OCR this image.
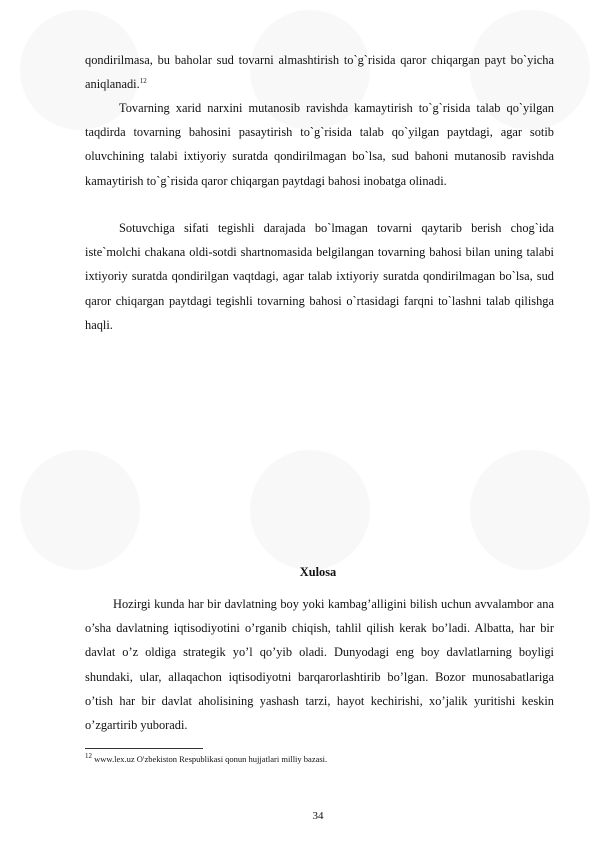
qondirilmasa, bu baholar sud tovarni almashtirish to`g`risida qaror chiqargan payt bo`yicha aniqlanadi.$^{12}$
Tovarning xarid narxini mutanosib ravishda kamaytirish to`g`risida talab qo`yilgan taqdirda tovarning bahosini pasaytirish to`g`risida talab qo`yilgan paytdagi, agar sotib oluvchining talabi ixtiyoriy suratda qondirilmagan bo`lsa, sud bahoni mutanosib ravishda kamaytirish to`g`risida qaror chiqargan paytdagi bahosi inobatga olinadi.
Sotuvchiga sifati tegishli darajada bo`lmagan tovarni qaytarib berish chog`ida iste`molchi chakana oldi-sotdi shartnomasida belgilangan tovarning bahosi bilan uning talabi ixtiyoriy suratda qondirilgan vaqtdagi, agar talab ixtiyoriy suratda qondirilmagan bo`lsa, sud qaror chiqargan paytdagi tegishli tovarning bahosi o`rtasidagi farqni to`lashni talab qilishga haqli.
Xulosa
Hozirgi kunda har bir davlatning boy yoki kambag’alligini bilish uchun avvalambor ana o’sha davlatning iqtisodiyotini o’rganib chiqish, tahlil qilish kerak bo’ladi. Albatta, har bir davlat o’z oldiga strategik yo’l qo’yib oladi. Dunyodagi eng boy davlatlarning boyligi shundaki, ular, allaqachon iqtisodiyotni barqarorlashtirib bo’lgan. Bozor munosabatlariga o’tish har bir davlat aholisining yashash tarzi, hayot kechirishi, xo’jalik yuritishi keskin o’zgartirib yuboradi.
$^{12}$ www.lex.uz O'zbekiston Respublikasi qonun hujjatlari milliy bazasi.
34
